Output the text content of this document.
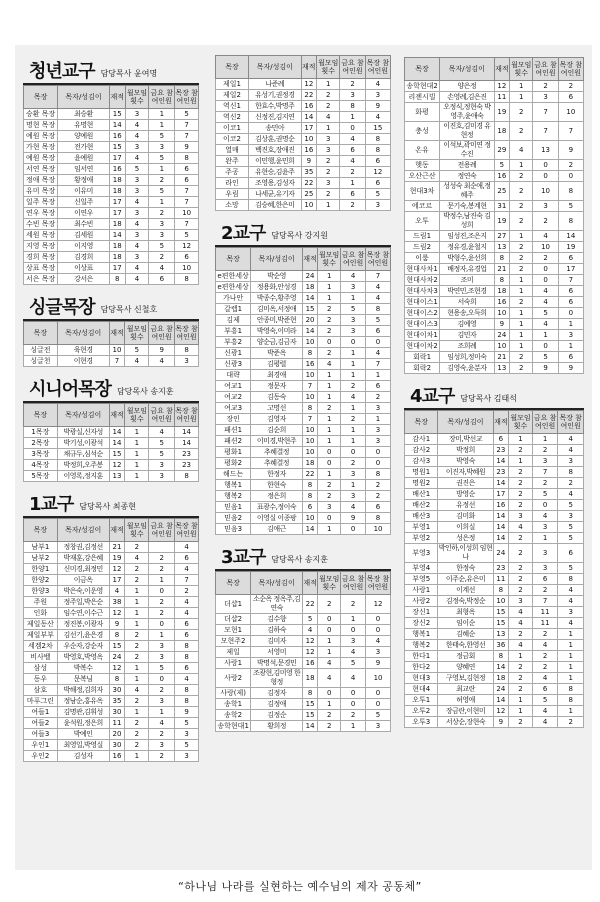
청년교구 담당목사 윤여명
목장	목자/성김이	재적	월모임 횟수	금요 참여인원	목장 참여인원
승환 목장	최승환	15	3	1	5
명현 목장	유명현	14	4	1	7
예원 목장	양예원	16	4	5	7
가현 목장	전가현	15	3	3	9
예원 목장	윤예원	17	4	5	8
서연 목장	임서연	16	5	1	6
정애 목장	황정애	18	3	2	6
유미 목장	이유미	18	3	5	7
일주 목장	신일주	17	4	1	7
연우 목장	이연우	17	3	2	10
수빈 목장	최수빈	18	4	3	7
세원 목장	김세원	14	3	3	5
지영 목장	이지영	18	4	5	12
경희 목장	김경희	18	3	2	6
상표 목장	이상표	17	4	4	10
서은 목장	강서은	8	4	6	8
싱글목장 담당목사 신철호
목장	목자/성김이	재적	월모임 횟수	금요 참여인원	목장 참여인원
싱글전	육현경	10	5	9	8
싱글천	이현경	7	4	4	3
시니어목장 담당목사 송지훈
목장	목자/성김이	재적	월모임 횟수	금요 참여인원	목장 참여인원
1목장	박광실,신자성	14	1	4	14
2목장	박기성,이광석	14	1	5	14
3목장	채규두,심석순	15	1	5	23
4목장	박정희,오주봉	12	1	3	23
5목장	이영록,정지훈	13	1	3	8
1교구 담당목사 최종현
목장	목자/성김이	재적	월모임 횟수	금요 참여인원	목장 참여인원
남부1	정창권,김정선	21	2		4
남부2	박재훈,강은혜	19	4	2	6
한양1	신미경,최정민	12	2	2	4
한양2	이금옥	17	2	1	7
한양3	박은숙,이운영	4	1	0	2
주원	정주일,박은순	38	1	2	4
인화	임수연,이수근	12	1	2	4
제일동산	정진봉,이광자	9	1	0	6
제일부부	김선기,윤은경	8	2	1	6
세겜2차	우순자,강순자	15	2	3	8
비사벨	박영호,박영옥	24	2	3	8
삼성	박복수	12	1	5	6
동우	문복님	8	1	0	4
삼호	박해정,김희자	30	4	2	8
마푸그린	정남순,홍유옥	35	2	3	8
여들1	김명관,김휘성	30	1	1	9
여들2	윤석원,정은희	11	2	4	5
여들3	박예인	20	2	2	3
우인1	최영일,박영실	30	2	3	5
우인2	김성자	16	1	2	3
목장	목자/성김이	재적	월모임 횟수	금요 참여인원	목장 참여인원
제일1	나준례	12	1	2	4
제일2	유성기,권정경	22	2	3	3
역신1	한효수,박명주	16	2	8	9
역신2	신정진,김지연	14	4	1	4
이코1	송민아	17	1	0	15
이코2	김상훈,권명순	10	3	4	8
열매	백진호,장애진	16	3	6	8
완주	이민행,윤민희	9	2	4	6
주공	유현승,김윤주	35	2	2	12
라인	조영용,김성자	22	3	1	6
우림	나세균,유기자	25	2	6	5
소망	김승혜,한은미	10	1	2	3
2교구 담당목사 강지원
목장	목자/성김이	재적	월모임 횟수	금요 참여인원	목장 참여인원
e편한세상	박순영	24	1	4	7
e편한세상	정용화,안성경	18	1	3	4
가나안	박종수,황주영	14	1	1	4
갈렙1	김미옥,서정애	15	2	5	8
김제	안종미,박준현	20	2	3	5
부흥1	박영숙,이미라	14	2	3	6
부흥2	양순금,김금자	10	0	0	0
신광1	박준옥	8	2	1	4
신광3	김평렬	16	4	1	7
대략	최경애	10	1	1	1
여교1	정문자	7	1	2	6
여교2	김동숙	10	1	4	2
여교3	고명선	8	2	1	3
장인	김영자	7	1	2	1
패션1	김순희	10	1	1	3
패션2	이미경,박현주	10	1	1	3
평화1	추혜결정	10	0	0	0
평화2	추혜결정	18	0	2	0
해드는	한정자	22	1	3	8
행복1	한현숙	8	2	1	2
행복2	정은희	8	2	3	2
믿음1	표광수,정이숙	6	3	4	6
믿음2	이영실 이종팡	10	0	9	8
믿음3	김애근	14	1	0	10
3교구 담당목사 송지훈
목장	목자/성김이	재적	월모임 횟수	금요 참여인원	목장 참여인원
더샵1	소순옥 정옥주,김연숙	22	2	2	12
더샵2	김수향	5	0	1	0
모현1	김하숙	4	0	0	0
모현주2	김미자	12	1	3	4
제일	서영미	12	1	4	3
사랑1	박명석,문경민	16	4	5	9
사랑2	조광현,김미영 한형정	18	4	4	10
사랑(제)	김정자	8	0	0	0
송학1	김정애	15	1	0	0
송학2	김정순	15	2	2	5
송학현대1	황희정	14	2	1	3
목장	목자/성김이	재적	월모임 횟수	금요 참여인원	목장 참여인원
송학현대2	양은정	12	1	2	2
리젠시빌	손영례,김은진	11	1	3	6
화평	오정식,정현숙 박영주,윤애숙	19	2	7	10
충성	이진호,김미경 유현정	18	2	7	7
온유	이석보,곽미연 정수진	29	4	13	9
햇동	전용례	5	1	0	2
오산근산	정연숙	16	2	0	0
현대3차	성성숙 최순애,정혜주	25	2	10	8
에코르	문기숙,봉계현	31	2	3	5
오투	박정수,남진숙 김성희	19	2	2	8
드림1	임성진,조은지	27	1	4	14
드림2	정유경,윤철지	13	2	10	19
이룸	박형수,윤선희	8	2	2	6
현대사차1	배정자,유경업	21	2	0	17
현대사차2	조미	8	1	0	7
현대사차3	박연민,조현경	18	1	4	6
현대이스1	서숙희	16	2	4	6
현대이스2	현용송,오득희	10	1	5	0
현대이스3	김예영	9	1	4	1
현대이차1	김민자	24	1	1	3
현대이차2	조희례	10	1	0	1
회락1	임성희,정미숙	21	2	5	6
회락2	김영숙,윤분자	13	2	9	9
4교구 담당목사 김태석
목장	목자/성김이	재적	월모임 횟수	금요 참여인원	목장 참여인원
감사1	장미,박선교	6	1	1	4
감사2	박정희	23	2	2	4
감사3	박영숙	14	1	3	3
명원1	이진자,박혜원	23	2	7	8
명원2	권진은	14	2	2	2
배산1	방영순	17	2	5	4
배산2	유정선	16	2	0	5
배산3	김미화	14	3	4	3
부영1	이희실	14	4	3	5
부영2	성은정	14	2	1	5
부영3	박인하,이성희 임현나	24	2	3	6
부영4	한정숙	23	2	3	5
부영5	이주순,유은미	11	2	6	8
사랑1	이계선	8	2	2	4
사랑2	김정숙,박정순	10	3	7	4
장신1	최형옥	15	4	11	3
장신2	임이순	15	4	11	4
행복1	김혜순	13	2	2	1
행복2	한태숙,한영선	36	4	4	1
한다1	정금회	8	1	2	1
한다2	양혜연	14	2	2	1
현대3	구영보,김현정	18	2	4	1
현대4	최교란	24	2	6	8
오투1	허영애	14	1	5	8
오투2	장금란,이현미	12	1	4	1
오투3	서상순,장현숙	9	2	4	2
“하나님 나라를 실현하는 예수님의 제자 공동체”
